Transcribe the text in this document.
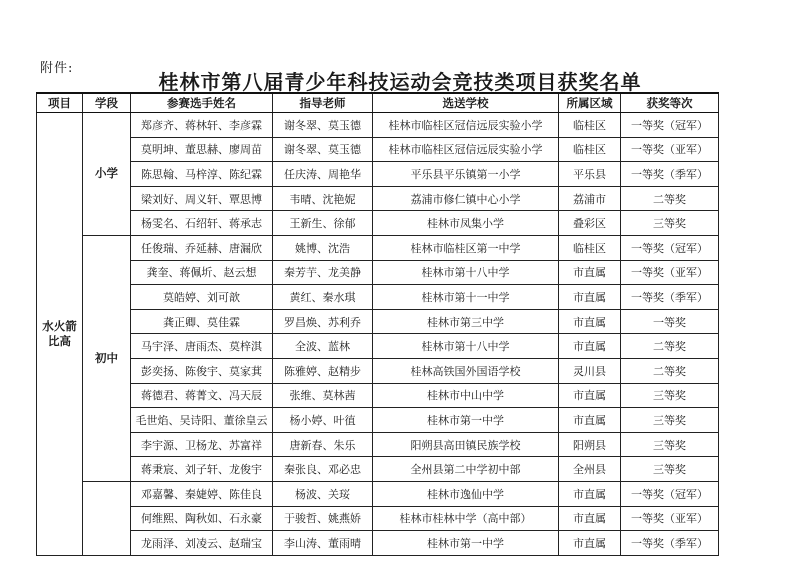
附件:
桂林市第八届青少年科技运动会竞技类项目获奖名单
项目	学段	参赛选手姓名	指导老师	选送学校	所属区域	获奖等次
水火箭比高	小学	郑彦齐、蒋林轩、李彦霖	谢冬翠、莫玉德	桂林市临桂区冠信远辰实验小学	临桂区	一等奖（冠军）
		莫明坤、董思赫、廖周苗	谢冬翠、莫玉德	桂林市临桂区冠信远辰实验小学	临桂区	一等奖（亚军）
		陈思翰、马梓淳、陈纪霖	任庆涛、周艳华	平乐县平乐镇第一小学	平乐县	一等奖（季军）
		梁刘好、周义轩、覃思博	韦晴、沈艳妮	荔浦市修仁镇中心小学	荔浦市	二等奖
		杨雯名、石绍轩、蒋承志	王新生、徐郁	桂林市凤集小学	叠彩区	三等奖
	初中	任俊瑞、乔延赫、唐漏欣	姚博、沈浩	桂林市临桂区第一中学	临桂区	一等奖（冠军）
		龚奎、蒋佩圻、赵云想	秦芳芋、龙美静	桂林市第十八中学	市直属	一等奖（亚军）
		莫皓婷、刘可歆	黄红、秦水琪	桂林市第十一中学	市直属	一等奖（季军）
		龚正卿、莫佳霖	罗昌焕、苏利乔	桂林市第三中学	市直属	一等奖
		马宇泽、唐雨杰、莫梓淇	全波、蓝林	桂林市第十八中学	市直属	二等奖
		彭奕扬、陈俊宇、莫家萁	陈雅婷、赵精步	桂林高铁国外国语学校	灵川县	二等奖
		蒋德君、蒋菁文、冯天辰	张维、莫林茜	桂林市中山中学	市直属	三等奖
		毛世焰、吴诗阳、董徐皇云	杨小婷、叶徝	桂林市第一中学	市直属	三等奖
		李宇源、卫杨龙、苏富祥	唐新春、朱乐	阳朔县高田镇民族学校	阳朔县	三等奖
		蒋秉宸、刘子轩、龙俊宇	秦张良、邓必忠	全州县第二中学初中部	全州县	三等奖
		邓嘉馨、秦婕婷、陈佳良	杨波、关珱	桂林市逸仙中学	市直属	一等奖（冠军）
		何维熙、陶秋如、石永豪	于骏哲、姚燕娇	桂林市桂林中学（高中部）	市直属	一等奖（亚军）
		龙雨泽、刘凌云、赵瑞宝	李山涛、董雨晴	桂林市第一中学	市直属	一等奖（季军）
